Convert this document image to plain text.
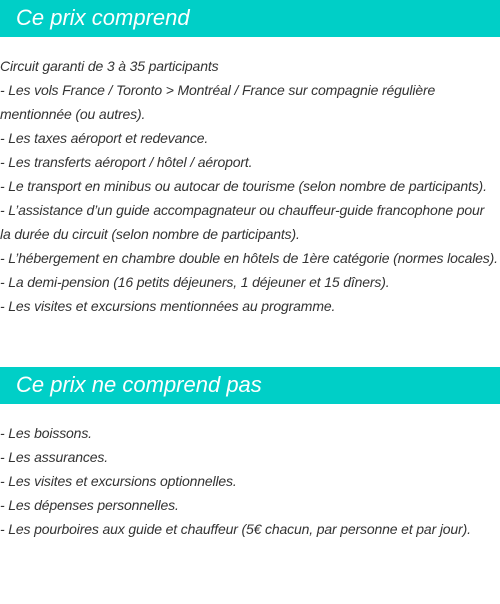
Ce prix comprend

Circuit garanti de 3 à 35 participants

- Les vols France / Toronto > Montréal / France sur compagnie régulière mentionnée (ou autres).

- Les taxes aéroport et redevance.

- Les transferts aéroport / hôtel / aéroport.

- Le transport en minibus ou autocar de tourisme (selon nombre de participants).

- L’assistance d’un guide accompagnateur ou chauffeur-guide francophone pour la durée du circuit (selon nombre de participants).

- L’hébergement en chambre double en hôtels de 1ère catégorie (normes locales).

- La demi-pension (16 petits déjeuners, 1 déjeuner et 15 dîners).

- Les visites et excursions mentionnées au programme.

Ce prix ne comprend pas

- Les boissons.

- Les assurances.

- Les visites et excursions optionnelles.

- Les dépenses personnelles.

- Les pourboires aux guide et chauffeur (5€ chacun, par personne et par jour).
